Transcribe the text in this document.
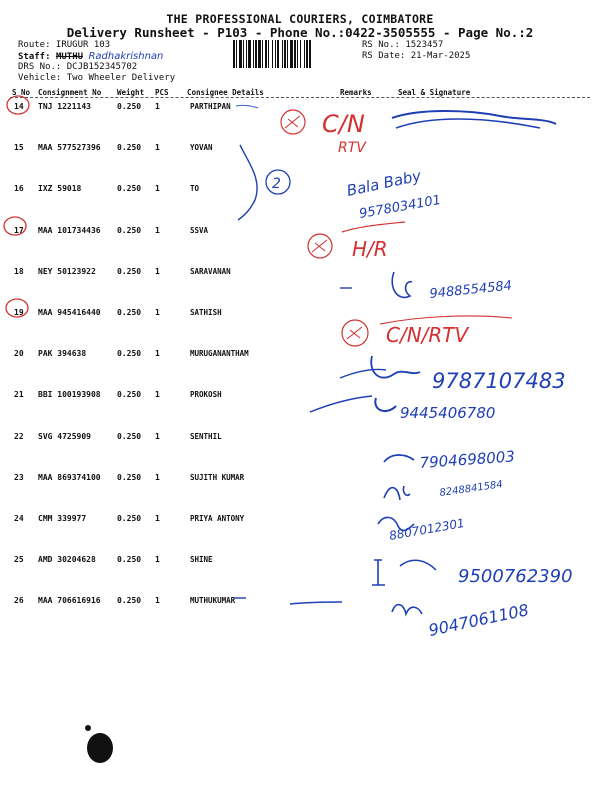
THE PROFESSIONAL COURIERS, COIMBATORE
Delivery Runsheet - P103 - Phone No.:0422-3505555 - Page No.:2
Route: IRUGUR 103
Staff: MUTHU Radhakrishnan
DRS No.: DCJB152345702
Vehicle: Two Wheeler Delivery
RS No.: 1523457
RS Date: 21-Mar-2025
S No Consignment No Weight PCS Consignee Details	Remarks	Seal & Signature
14 TNJ 1221143	0.250 1	PARTHIPAN
15 MAA 577527396 0.250 1	YOVAN
16 IXZ 59018	0.250 1	TO
17 MAA 101734436 0.250 1	SSVA
18 NEY 50123922	0.250 1	SARAVANAN
19 MAA 945416440 0.250 1	SATHISH
20 PAK 394638	0.250 1	MURUGANANTHAM
21 BBI 100193908 0.250 1	PROKOSH
22 SVG 4725909	0.250 1	SENTHIL
23 MAA 869374100 0.250 1	SUJITH KUMAR
24 CMM 339977	0.250 1	PRIYA ANTONY
25 AMD 30204628	0.250 1	SHINE
26 MAA 706616916 0.250 1	MUTHUKUMAR
C/N
RTV
2	Bala Baby
9578034101
H/R
9488554584
C/N/RTV
9787107483
9445406780
7904698003
8248841584
8807012301
9500762390
9047061108
